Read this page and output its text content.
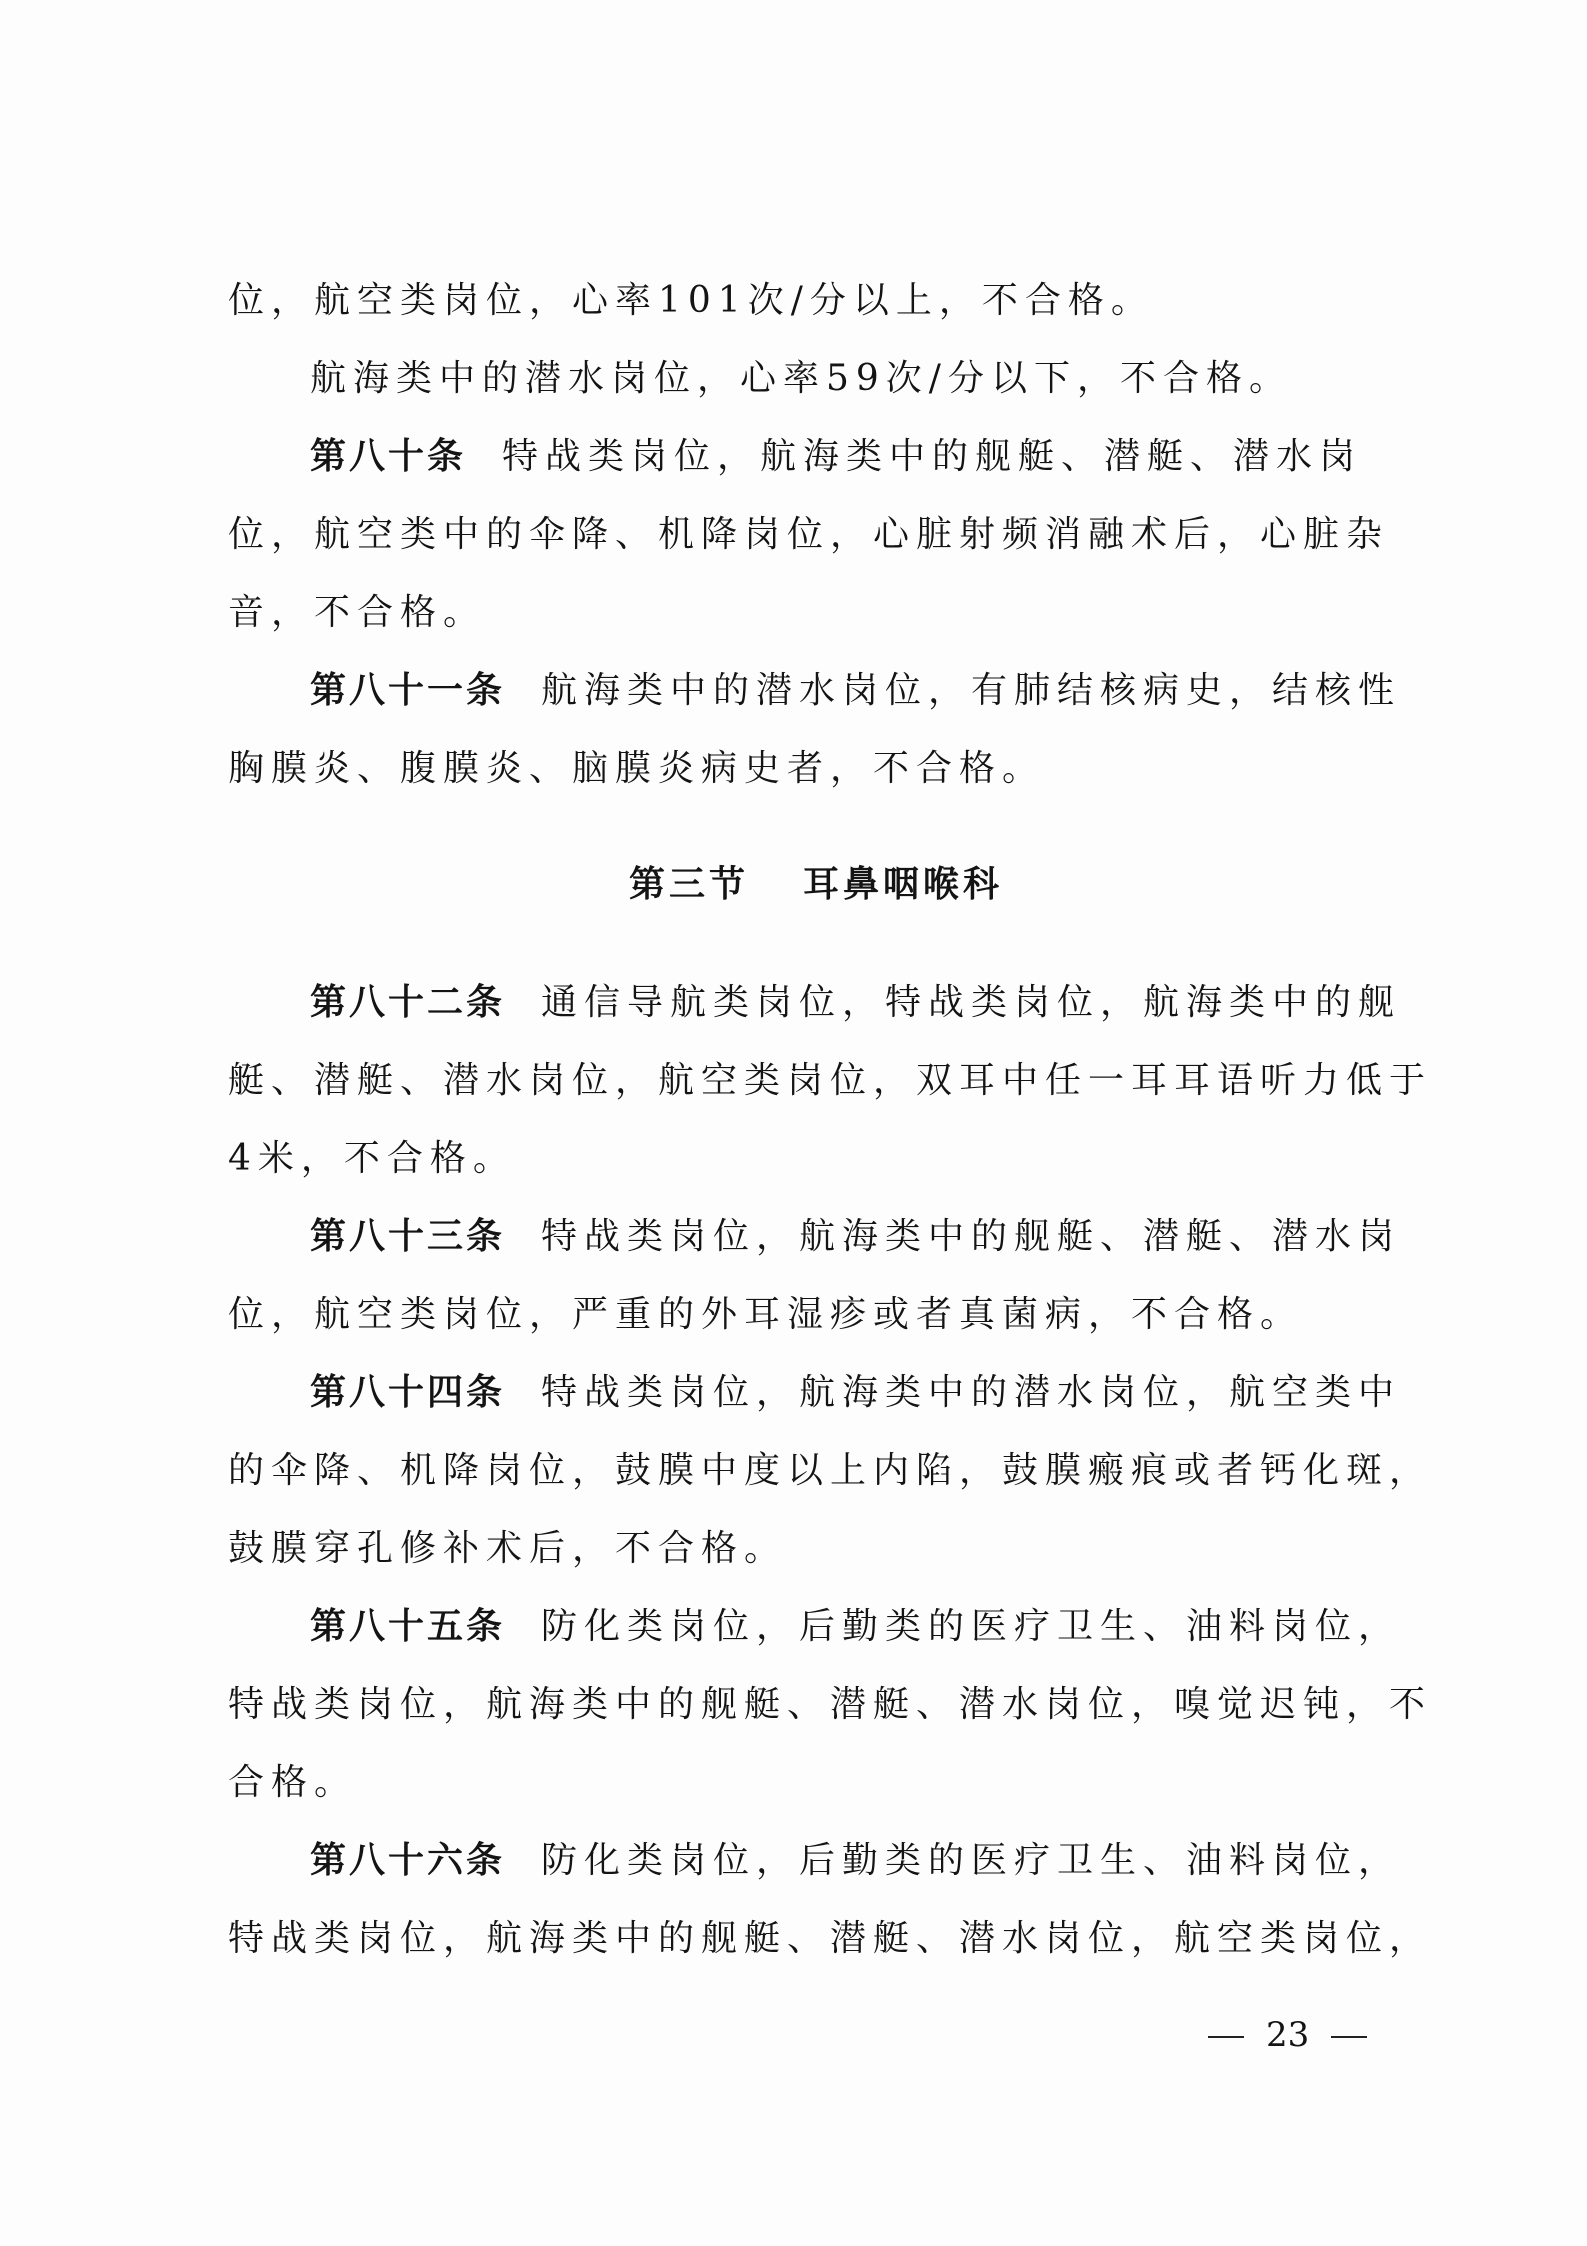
位，航空类岗位，心率101次/分以上，不合格。
航海类中的潜水岗位，心率59次/分以下，不合格。
第八十条 特战类岗位，航海类中的舰艇、潜艇、潜水岗
位，航空类中的伞降、机降岗位，心脏射频消融术后，心脏杂
音，不合格。
第八十一条 航海类中的潜水岗位，有肺结核病史，结核性
胸膜炎、腹膜炎、脑膜炎病史者，不合格。
第三节 耳鼻咽喉科
第八十二条 通信导航类岗位，特战类岗位，航海类中的舰
艇、潜艇、潜水岗位，航空类岗位，双耳中任一耳耳语听力低于
4米，不合格。
第八十三条 特战类岗位，航海类中的舰艇、潜艇、潜水岗
位，航空类岗位，严重的外耳湿疹或者真菌病，不合格。
第八十四条 特战类岗位，航海类中的潜水岗位，航空类中
的伞降、机降岗位，鼓膜中度以上内陷，鼓膜瘢痕或者钙化斑，
鼓膜穿孔修补术后，不合格。
第八十五条 防化类岗位，后勤类的医疗卫生、油料岗位，
特战类岗位，航海类中的舰艇、潜艇、潜水岗位，嗅觉迟钝，不
合格。
第八十六条 防化类岗位，后勤类的医疗卫生、油料岗位，
特战类岗位，航海类中的舰艇、潜艇、潜水岗位，航空类岗位，
23
